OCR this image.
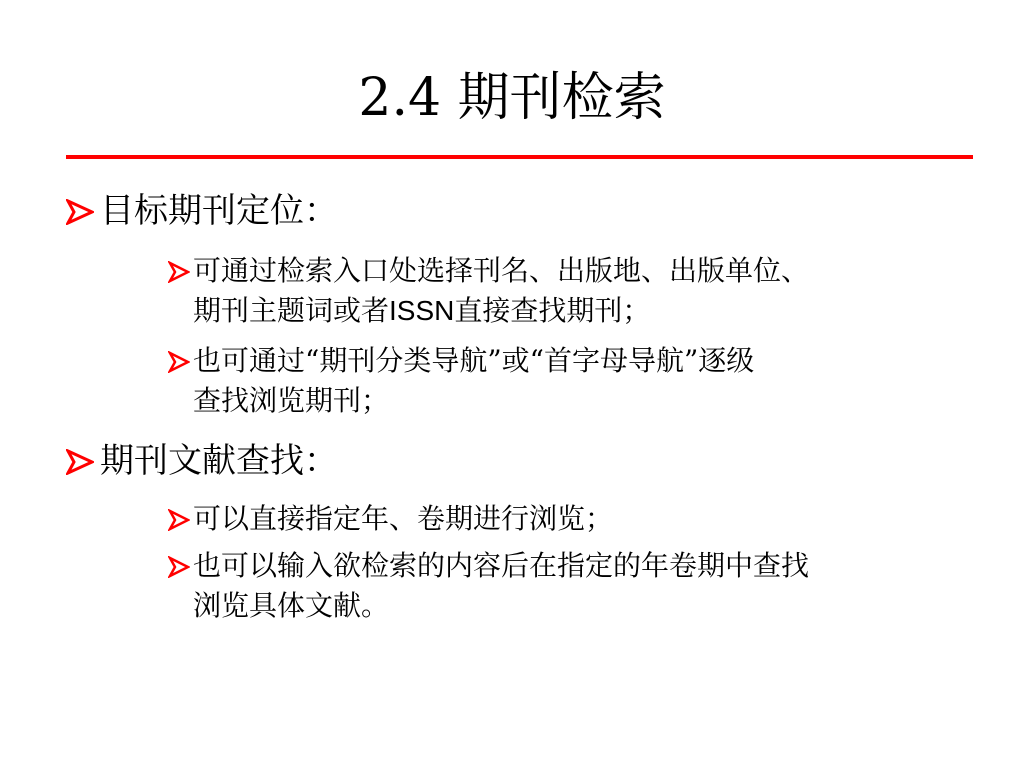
2.4 期刊检索
目标期刊定位：
可通过检索入口处选择刊名、出版地、出版单位、
期刊主题词或者ISSN直接查找期刊；
也可通过“期刊分类导航”或“首字母导航”逐级
查找浏览期刊；
期刊文献查找：
可以直接指定年、卷期进行浏览；
也可以输入欲检索的内容后在指定的年卷期中查找
浏览具体文献。
